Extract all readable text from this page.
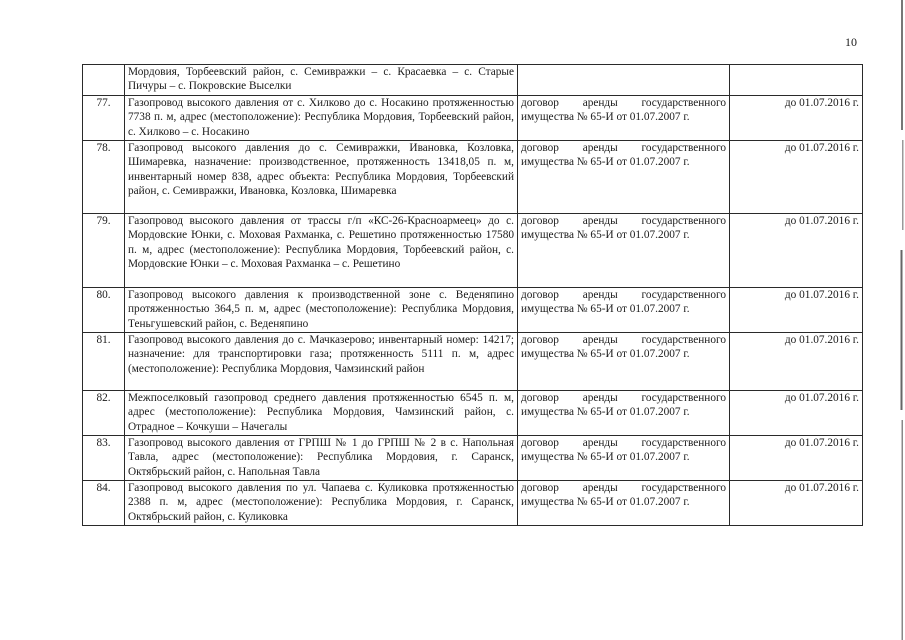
10
	Мордовия, Торбеевский район, с. Семивражки – с. Красаевка – с. Старые Пичуры – с. Покровские Выселки		
77.	Газопровод высокого давления от с. Хилково до с. Носакино протяженностью 7738 п. м, адрес (местоположение): Республика Мордовия, Торбеевский район, с. Хилково – с. Носакино	договор аренды государственного имущества № 65-И от 01.07.2007 г.	до 01.07.2016 г.
78.	Газопровод высокого давления до с. Семивражки, Ивановка, Козловка, Шимаревка, назначение: производственное, протяженность 13418,05 п. м, инвентарный номер 838, адрес объекта: Республика Мордовия, Торбеевский район, с. Семивражки, Ивановка, Козловка, Шимаревка	договор аренды государственного имущества № 65-И от 01.07.2007 г.	до 01.07.2016 г.
79.	Газопровод высокого давления от трассы г/п «КС-26-Красноармеец» до с. Мордовские Юнки, с. Моховая Рахманка, с. Решетино протяженностью 17580 п. м, адрес (местоположение): Республика Мордовия, Торбеевский район, с. Мордовские Юнки – с. Моховая Рахманка – с. Решетино	договор аренды государственного имущества № 65-И от 01.07.2007 г.	до 01.07.2016 г.
80.	Газопровод высокого давления к производственной зоне с. Веденяпино протяженностью 364,5 п. м, адрес (местоположение): Республика Мордовия, Теньгушевский район, с. Веденяпино	договор аренды государственного имущества № 65-И от 01.07.2007 г.	до 01.07.2016 г.
81.	Газопровод высокого давления до с. Мачказерово; инвентарный номер: 14217; назначение: для транспортировки газа; протяженность 5111 п. м, адрес (местоположение): Республика Мордовия, Чамзинский район	договор аренды государственного имущества № 65-И от 01.07.2007 г.	до 01.07.2016 г.
82.	Межпоселковый газопровод среднего давления протяженностью 6545 п. м, адрес (местоположение): Республика Мордовия, Чамзинский район, с. Отрадное – Кочкуши – Начегалы	договор аренды государственного имущества № 65-И от 01.07.2007 г.	до 01.07.2016 г.
83.	Газопровод высокого давления от ГРПШ № 1 до ГРПШ № 2 в с. Напольная Тавла, адрес (местоположение): Республика Мордовия, г. Саранск, Октябрьский район, с. Напольная Тавла	договор аренды государственного имущества № 65-И от 01.07.2007 г.	до 01.07.2016 г.
84.	Газопровод высокого давления по ул. Чапаева с. Куликовка протяженностью 2388 п. м, адрес (местоположение): Республика Мордовия, г. Саранск, Октябрьский район, с. Куликовка	договор аренды государственного имущества № 65-И от 01.07.2007 г.	до 01.07.2016 г.
